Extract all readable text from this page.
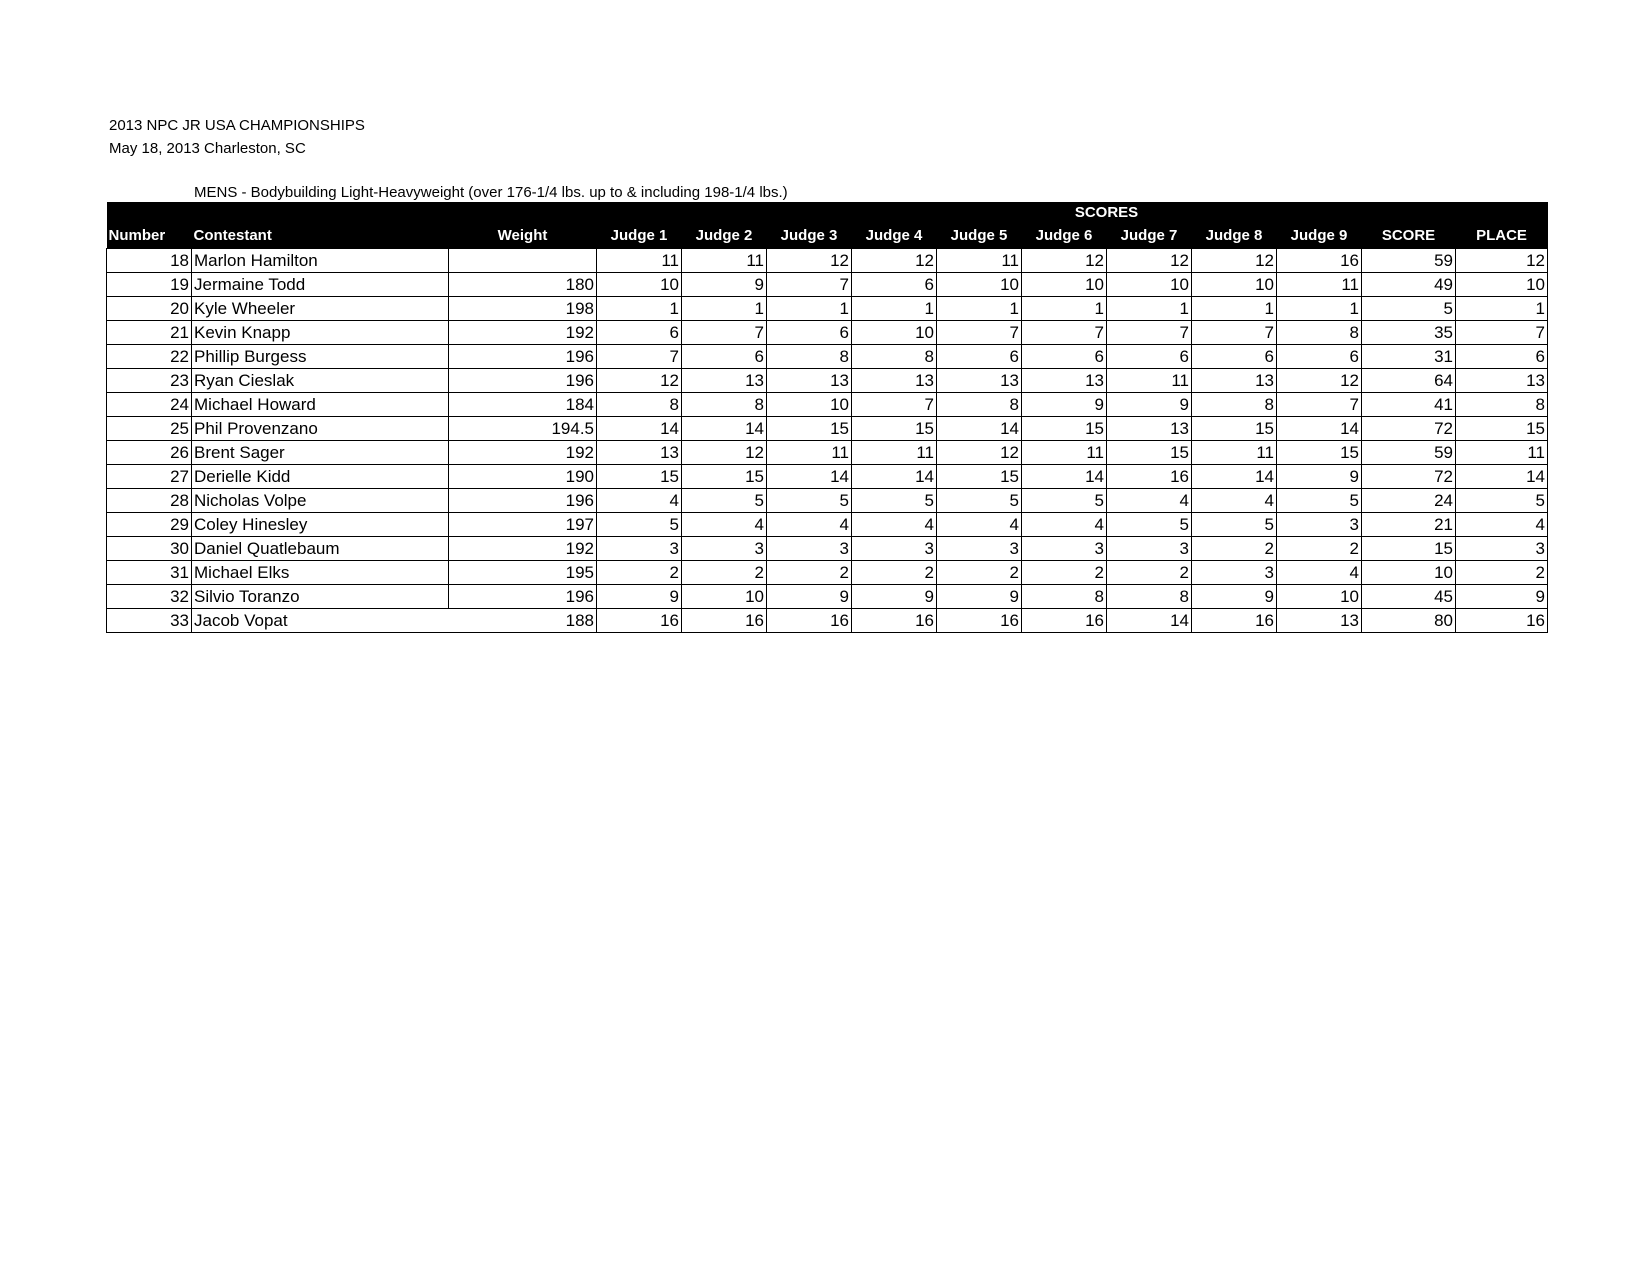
2013 NPC JR USA CHAMPIONSHIPS
May 18, 2013 Charleston, SC
MENS - Bodybuilding Light-Heavyweight (over 176-1/4 lbs. up to & including 198-1/4 lbs.)
								SCORES					
Number	Contestant	Weight	Judge 1	Judge 2	Judge 3	Judge 4	Judge 5	Judge 6	Judge 7	Judge 8	Judge 9	SCORE	PLACE
18	Marlon Hamilton		11	11	12	12	11	12	12	12	16	59	12
19	Jermaine Todd	180	10	9	7	6	10	10	10	10	11	49	10
20	Kyle Wheeler	198	1	1	1	1	1	1	1	1	1	5	1
21	Kevin Knapp	192	6	7	6	10	7	7	7	7	8	35	7
22	Phillip Burgess	196	7	6	8	8	6	6	6	6	6	31	6
23	Ryan Cieslak	196	12	13	13	13	13	13	11	13	12	64	13
24	Michael Howard	184	8	8	10	7	8	9	9	8	7	41	8
25	Phil Provenzano	194.5	14	14	15	15	14	15	13	15	14	72	15
26	Brent Sager	192	13	12	11	11	12	11	15	11	15	59	11
27	Derielle Kidd	190	15	15	14	14	15	14	16	14	9	72	14
28	Nicholas Volpe	196	4	5	5	5	5	5	4	4	5	24	5
29	Coley Hinesley	197	5	4	4	4	4	4	5	5	3	21	4
30	Daniel Quatlebaum	192	3	3	3	3	3	3	3	2	2	15	3
31	Michael Elks	195	2	2	2	2	2	2	2	3	4	10	2
32	Silvio Toranzo	196	9	10	9	9	9	8	8	9	10	45	9
33	Jacob Vopat	188	16	16	16	16	16	16	14	16	13	80	16
